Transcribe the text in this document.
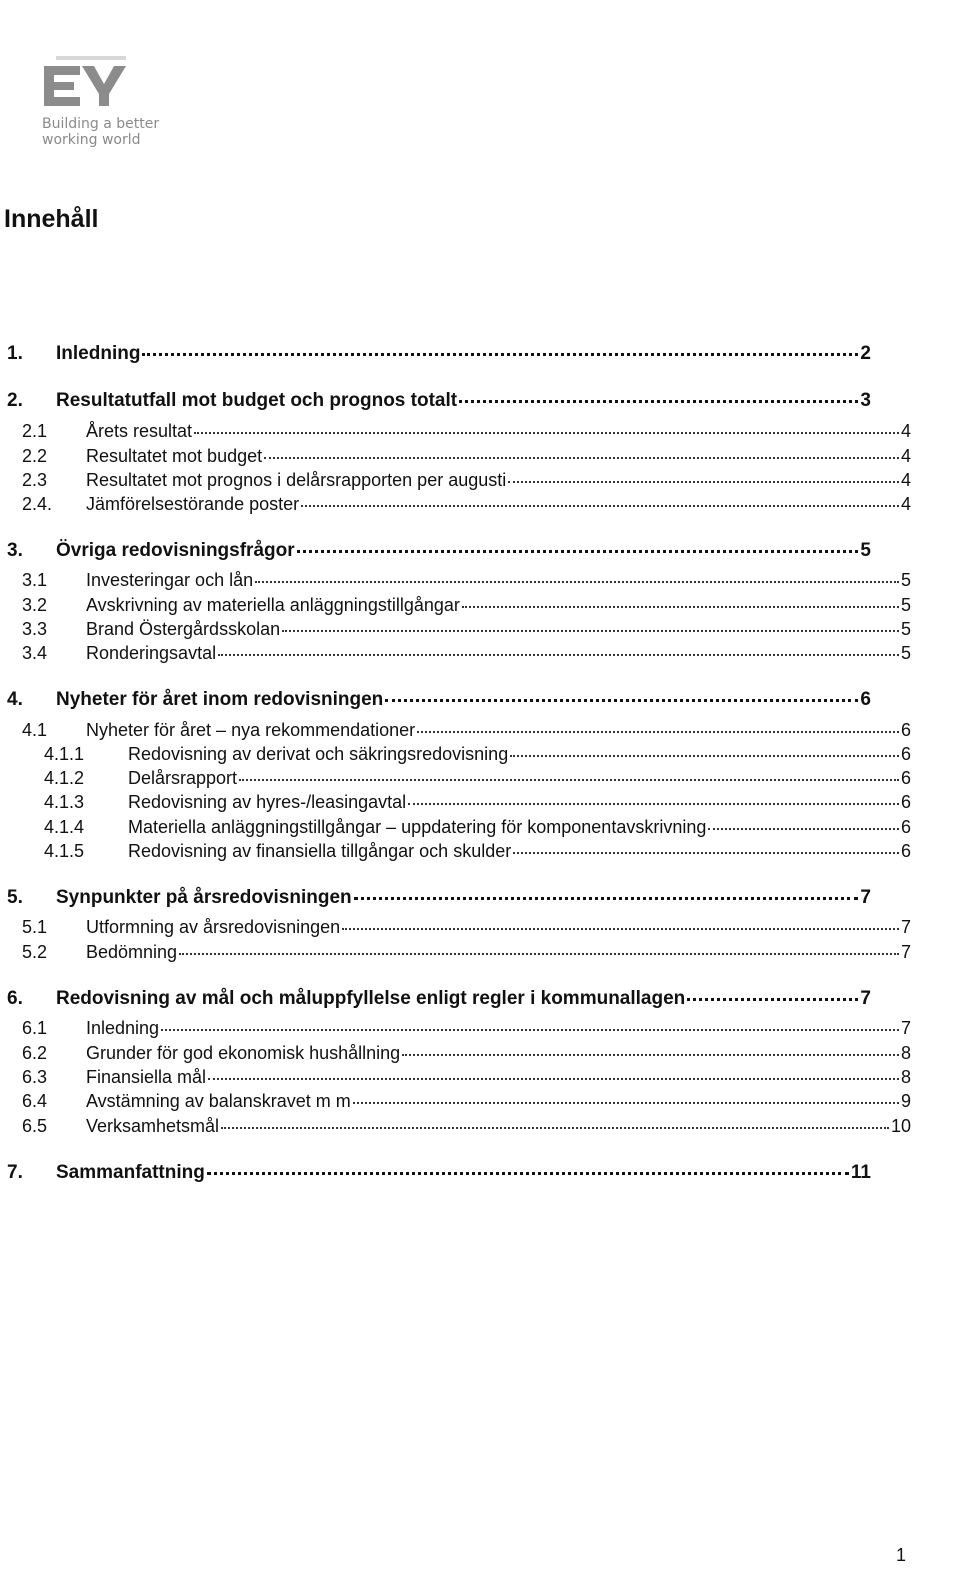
Building a better
working world
Innehåll
1.	Inledning	2
2.	Resultatutfall mot budget och prognos totalt	3
2.1	Årets resultat	4
2.2	Resultatet mot budget	4
2.3	Resultatet mot prognos i delårsrapporten per augusti	4
2.4.	Jämförelsestörande poster	4
3.	Övriga redovisningsfrågor	5
3.1	Investeringar och lån	5
3.2	Avskrivning av materiella anläggningstillgångar	5
3.3	Brand Östergårdsskolan	5
3.4	Ronderingsavtal	5
4.	Nyheter för året inom redovisningen	6
4.1	Nyheter för året – nya rekommendationer	6
4.1.1	Redovisning av derivat och säkringsredovisning	6
4.1.2	Delårsrapport	6
4.1.3	Redovisning av hyres-/leasingavtal	6
4.1.4	Materiella anläggningstillgångar – uppdatering för komponentavskrivning	6
4.1.5	Redovisning av finansiella tillgångar och skulder	6
5.	Synpunkter på årsredovisningen	7
5.1	Utformning av årsredovisningen	7
5.2	Bedömning	7
6.	Redovisning av mål och måluppfyllelse enligt regler i kommunallagen	7
6.1	Inledning	7
6.2	Grunder för god ekonomisk hushållning	8
6.3	Finansiella mål	8
6.4	Avstämning av balanskravet m m	9
6.5	Verksamhetsmål	10
7.	Sammanfattning	11
1
